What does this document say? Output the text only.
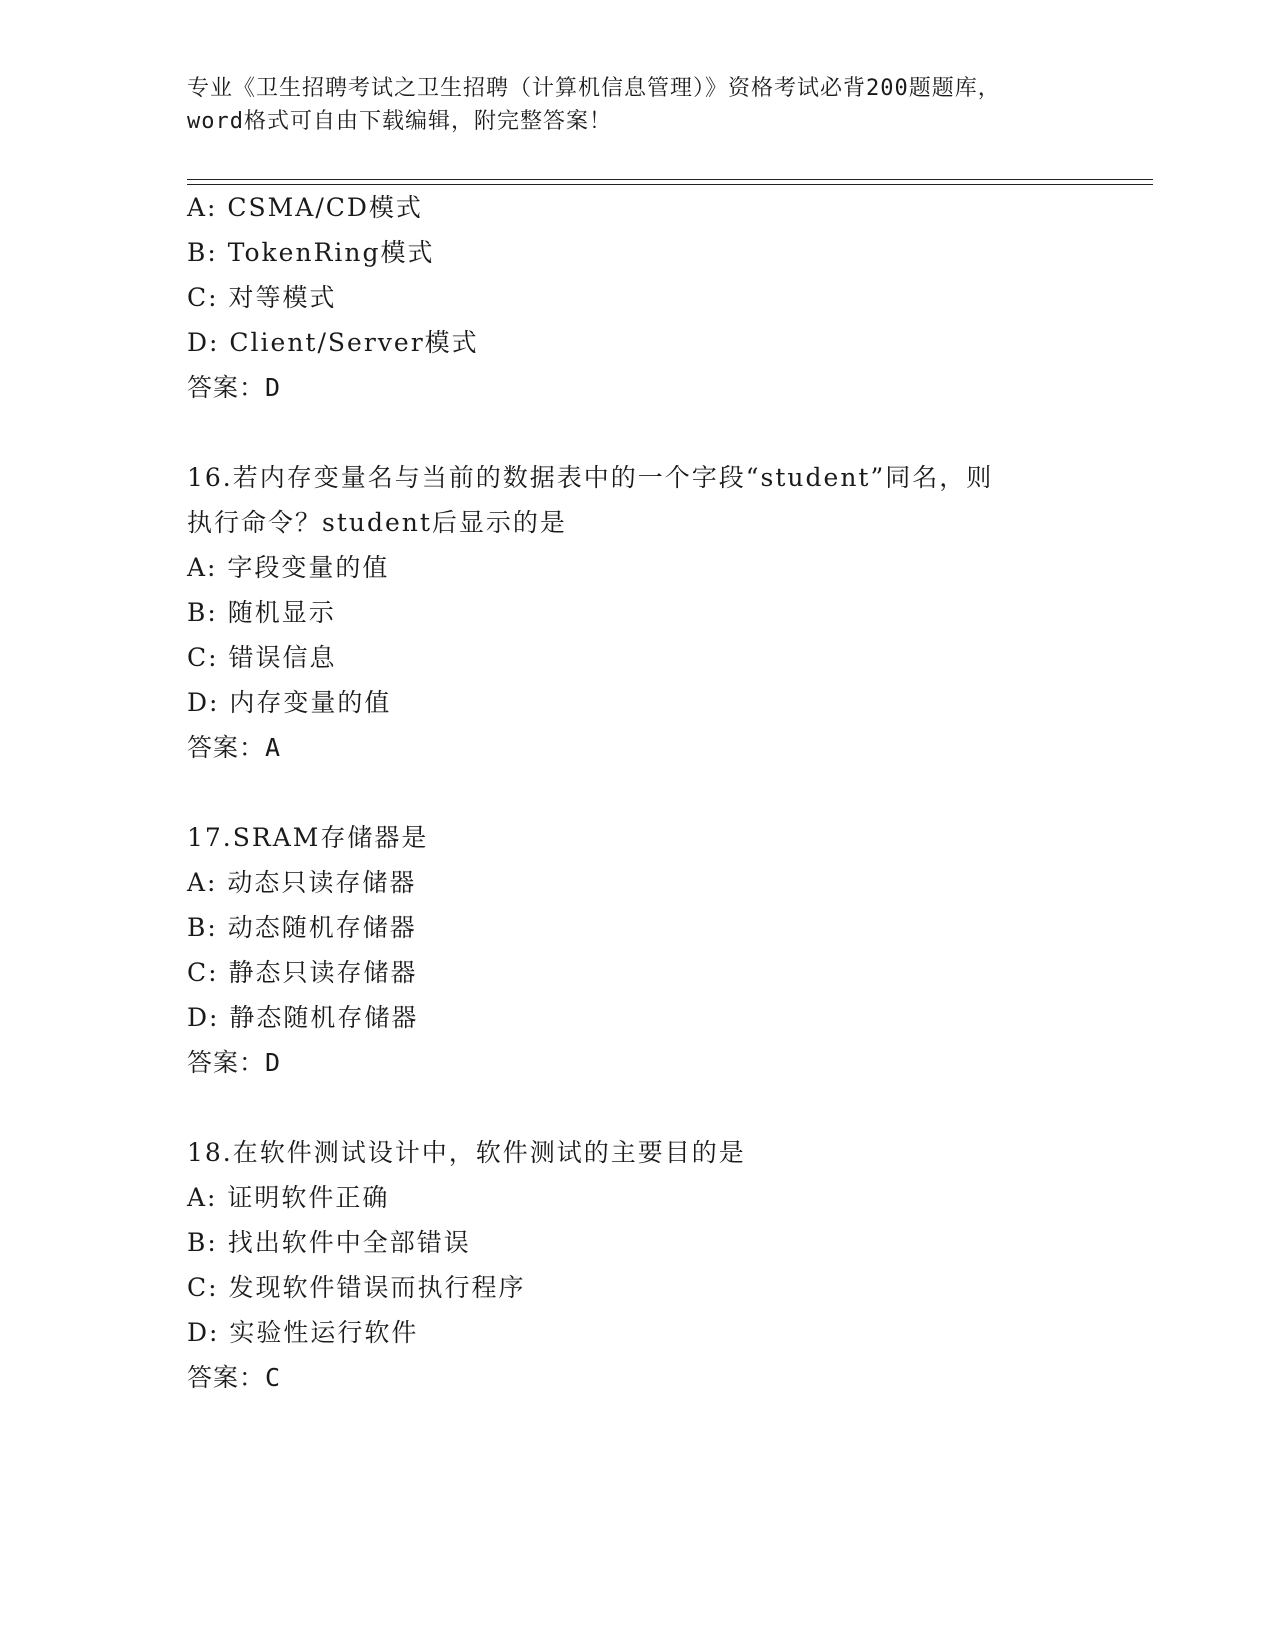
专业《卫生招聘考试之卫生招聘（计算机信息管理）》资格考试必背200题题库，
word格式可自由下载编辑，附完整答案！
A: CSMA/CD模式
B: TokenRing模式
C: 对等模式
D: Client/Server模式
答案：D
16.若内存变量名与当前的数据表中的一个字段“student”同名，则
执行命令？student后显示的是
A: 字段变量的值
B: 随机显示
C: 错误信息
D: 内存变量的值
答案：A
17.SRAM存储器是
A: 动态只读存储器
B: 动态随机存储器
C: 静态只读存储器
D: 静态随机存储器
答案：D
18.在软件测试设计中，软件测试的主要目的是
A: 证明软件正确
B: 找出软件中全部错误
C: 发现软件错误而执行程序
D: 实验性运行软件
答案：C
